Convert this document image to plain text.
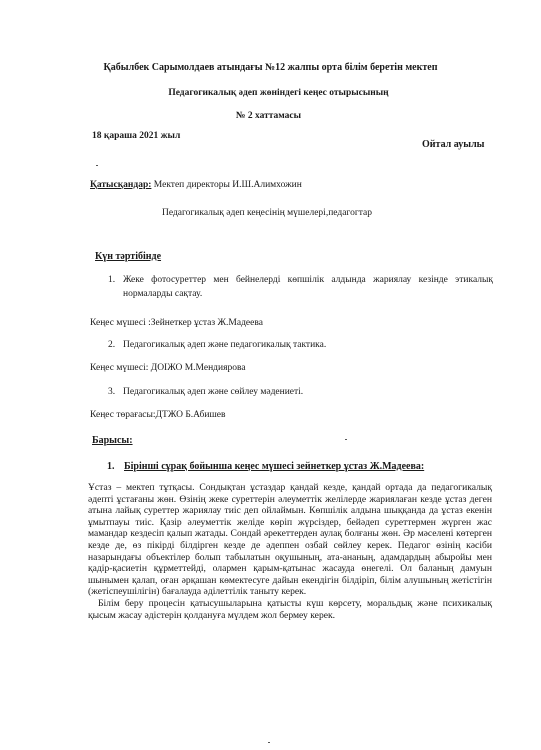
Қабылбек Сарымолдаев атындағы №12 жалпы орта білім беретін мектеп
Педагогикалық әдеп жөніндегі кеңес отырысының
№ 2 хаттамасы
18 қараша 2021 жыл
Ойтал ауылы
Қатысқандар: Мектеп директоры И.Ш.Алимхожин
Педагогикалық әдеп кеңесінің мүшелері,педагогтар
Күн тәртібінде
1. Жеке фотосуреттер мен бейнелерді көпшілік алдында жариялау кезінде этикалық
нормаларды сақтау.
Кеңес мүшесі :Зейнеткер ұстаз Ж.Мадеева
2. Педагогикалық әдеп және педагогикалық тактика.
Кеңес мүшесі: ДОІЖО М.Мендиярова
3. Педагогикалық әдеп және сөйлеу мәдениеті.
Кеңес төрағасы:ДТЖО Б.Абишев
Барысы:
1. Бірінші сұрақ бойынша кеңес мүшесі зейнеткер ұстаз Ж.Мадеева:

Ұстаз – мектеп тұтқасы. Сондықтан ұстаздар қандай кезде, қандай ортада да педагогикалық әдепті ұстағаны жөн. Өзінің жеке суреттерін әлеуметтік желілерде жариялаған кезде ұстаз деген атына лайық суреттер жариялау тиіс деп ойлаймын. Көпшілік алдына шыққанда да ұстаз екенін ұмытпауы тиіс. Қазір әлеуметтік желіде көріп жүрсіздер, бейәдеп суреттермен жүрген жас мамандар кездесіп қалып жатады. Сондай әрекеттерден аулақ болғаны жөн. Әр мәселені көтерген кезде де, өз пікірді білдірген кезде де әдеппен озбай сөйлеу керек. Педагог өзінің кәсіби назарындағы объектілер болып табылатын оқушының, ата-ананың, адамдардың абыройы мен қадір-қасиетін құрметтейді, олармен қарым-қатынас жасауда өнегелі. Ол баланың дамуын шынымен қалап, оған әрқашан көмектесуге дайын екендігін білдіріп, білім алушының жетістігін (жетіспеушілігін) бағалауда әділеттілік таныту керек.

Білім беру процесін қатысушыларына қатысты күш көрсету, моральдық және психикалық қысым жасау әдістерін қолдануға мүлдем жол бермеу керек.
